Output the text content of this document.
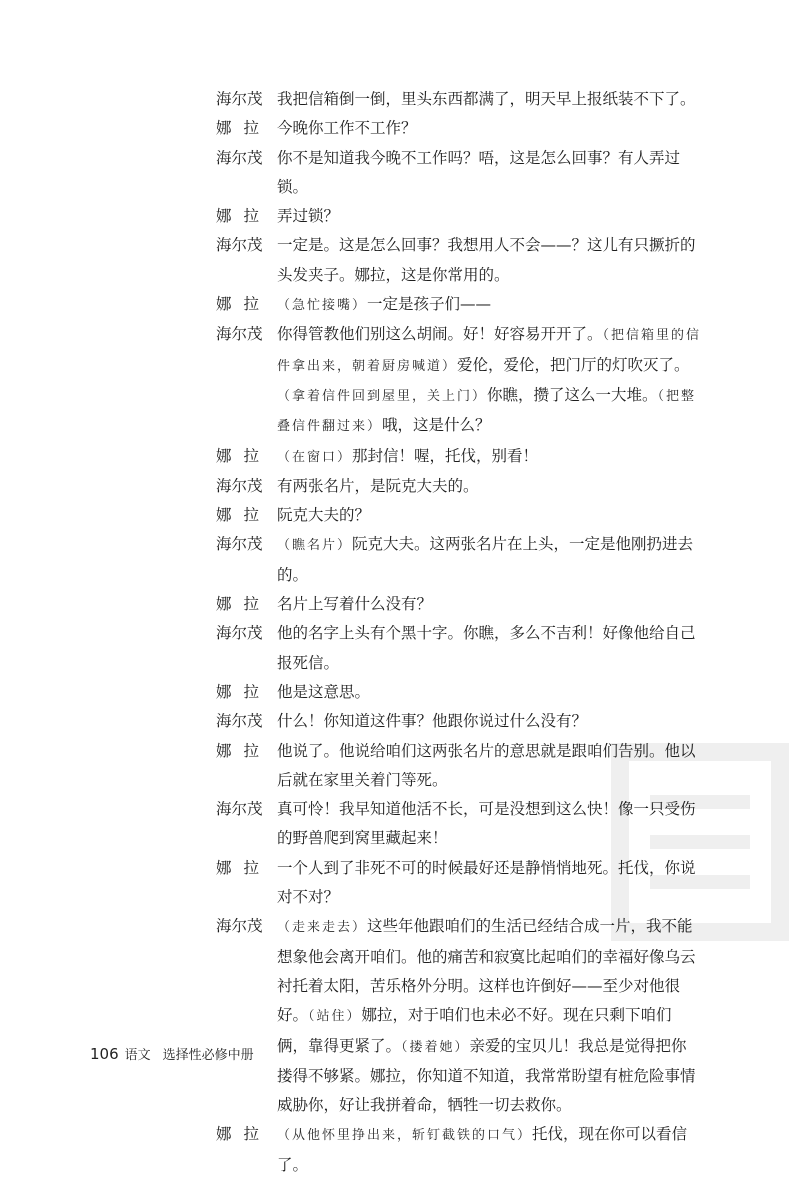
海尔茂 我把信箱倒一倒，里头东西都满了，明天早上报纸装不下了。

娜拉 今晚你工作不工作？

海尔茂 你不是知道我今晚不工作吗？唔，这是怎么回事？有人弄过锁。

娜拉 弄过锁？

海尔茂 一定是。这是怎么回事？我想用人不会——？这儿有只撅折的头发夹子。娜拉，这是你常用的。

娜拉 （急忙接嘴）一定是孩子们——

海尔茂 你得管教他们别这么胡闹。好！好容易开开了。（把信箱里的信件拿出来，朝着厨房喊道）爱伦，爱伦，把门厅的灯吹灭了。（拿着信件回到屋里，关上门）你瞧，攒了这么一大堆。（把整叠信件翻过来）哦，这是什么？

娜拉 （在窗口）那封信！喔，托伐，别看！

海尔茂 有两张名片，是阮克大夫的。

娜拉 阮克大夫的？

海尔茂	（瞧名片）阮克大夫。这两张名片在上头，一定是他刚扔进去的。

娜拉 名片上写着什么没有？

海尔茂 他的名字上头有个黑十字。你瞧，多么不吉利！好像他给自己报死信。

娜拉 他是这意思。

海尔茂 什么！你知道这件事？他跟你说过什么没有？

娜拉 他说了。他说给咱们这两张名片的意思就是跟咱们告别。他以后就在家里关着门等死。

海尔茂 真可怜！我早知道他活不长，可是没想到这么快！像一只受伤的野兽爬到窝里藏起来！

娜拉 一个人到了非死不可的时候最好还是静悄悄地死。托伐，你说对不对？

海尔茂	（走来走去）这些年他跟咱们的生活已经结合成一片，我不能想象他会离开咱们。他的痛苦和寂寞比起咱们的幸福好像乌云衬托着太阳，苦乐格外分明。这样也许倒好——至少对他很好。（站住）娜拉，对于咱们也未必不好。现在只剩下咱们俩，靠得更紧了。（搂着她）亲爱的宝贝儿！我总是觉得把你搂得不够紧。娜拉，你知道不知道，我常常盼望有桩危险事情威胁你，好让我拼着命，牺牲一切去救你。

娜拉 （从他怀里挣出来，斩钉截铁的口气）托伐，现在你可以看信了。

106 语文 选择性必修中册
